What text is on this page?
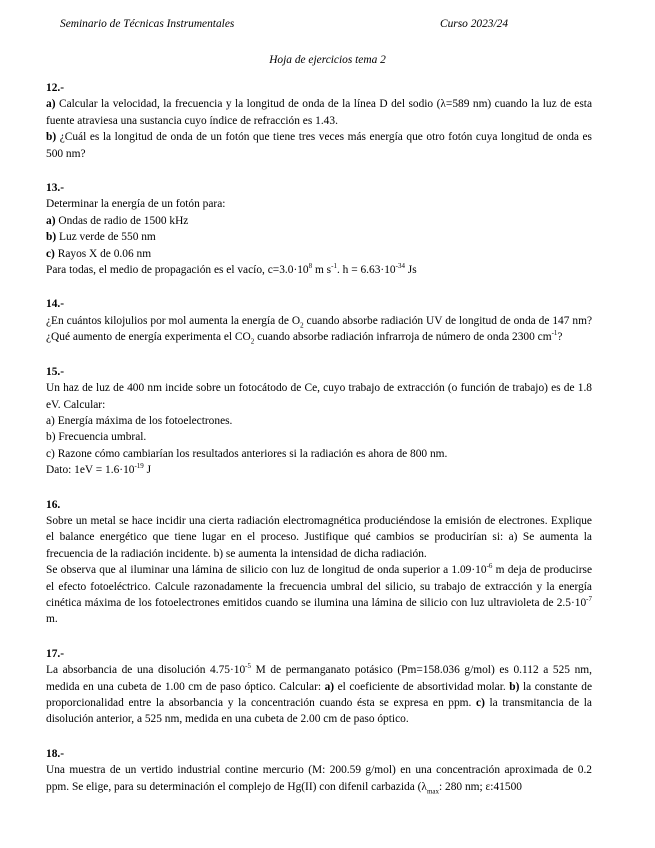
Seminario de Técnicas Instrumentales	Curso 2023/24
Hoja de ejercicios tema 2

12.-

a) Calcular la velocidad, la frecuencia y la longitud de onda de la línea D del sodio (λ=589 nm) cuando la luz de esta fuente atraviesa una sustancia cuyo índice de refracción es 1.43.

b) ¿Cuál es la longitud de onda de un fotón que tiene tres veces más energía que otro fotón cuya longitud de onda es 500 nm?

13.-

Determinar la energía de un fotón para:

a) Ondas de radio de 1500 kHz

b) Luz verde de 550 nm

c) Rayos X de 0.06 nm

Para todas, el medio de propagación es el vacío, $c=3.0\cdot 10^8$ m $s^{-1}$. $h = 6.63\cdot 10^{-34}$ Js

14.-

¿En cuántos kilojulios por mol aumenta la energía de $O_2$ cuando absorbe radiación UV de longitud de onda de 147 nm? ¿Qué aumento de energía experimenta el $CO_2$ cuando absorbe radiación infrarroja de número de onda 2300 $cm^{-1}$?

15.-

Un haz de luz de 400 nm incide sobre un fotocátodo de Ce, cuyo trabajo de extracción (o función de trabajo) es de 1.8 eV. Calcular:

a) Energía máxima de los fotoelectrones.

b) Frecuencia umbral.

c) Razone cómo cambiarían los resultados anteriores si la radiación es ahora de 800 nm.

Dato: $1eV = 1.6\cdot 10^{-19}$ J

16.

Sobre un metal se hace incidir una cierta radiación electromagnética produciéndose la emisión de electrones. Explique el balance energético que tiene lugar en el proceso. Justifique qué cambios se producirían si: a) Se aumenta la frecuencia de la radiación incidente. b) se aumenta la intensidad de dicha radiación.

Se observa que al iluminar una lámina de silicio con luz de longitud de onda superior a $1.09\cdot 10^{-6}$ m deja de producirse el efecto fotoeléctrico. Calcule razonadamente la frecuencia umbral del silicio, su trabajo de extracción y la energía cinética máxima de los fotoelectrones emitidos cuando se ilumina una lámina de silicio con luz ultravioleta de $2.5\cdot 10^{-7}$ m.

17.-

La absorbancia de una disolución $4.75\cdot 10^{-5}$ M de permanganato potásico (Pm=158.036 g/mol) es 0.112 a 525 nm, medida en una cubeta de 1.00 cm de paso óptico. Calcular: a) el coeficiente de absortividad molar. b) la constante de proporcionalidad entre la absorbancia y la concentración cuando ésta se expresa en ppm. c) la transmitancia de la disolución anterior, a 525 nm, medida en una cubeta de 2.00 cm de paso óptico.

18.-

Una muestra de un vertido industrial contine mercurio (M: 200.59 g/mol) en una concentración aproximada de 0.2 ppm. Se elige, para su determinación el complejo de Hg(II) con difenil carbazida ($\lambda_{max}$: 280 nm; ε:41500
